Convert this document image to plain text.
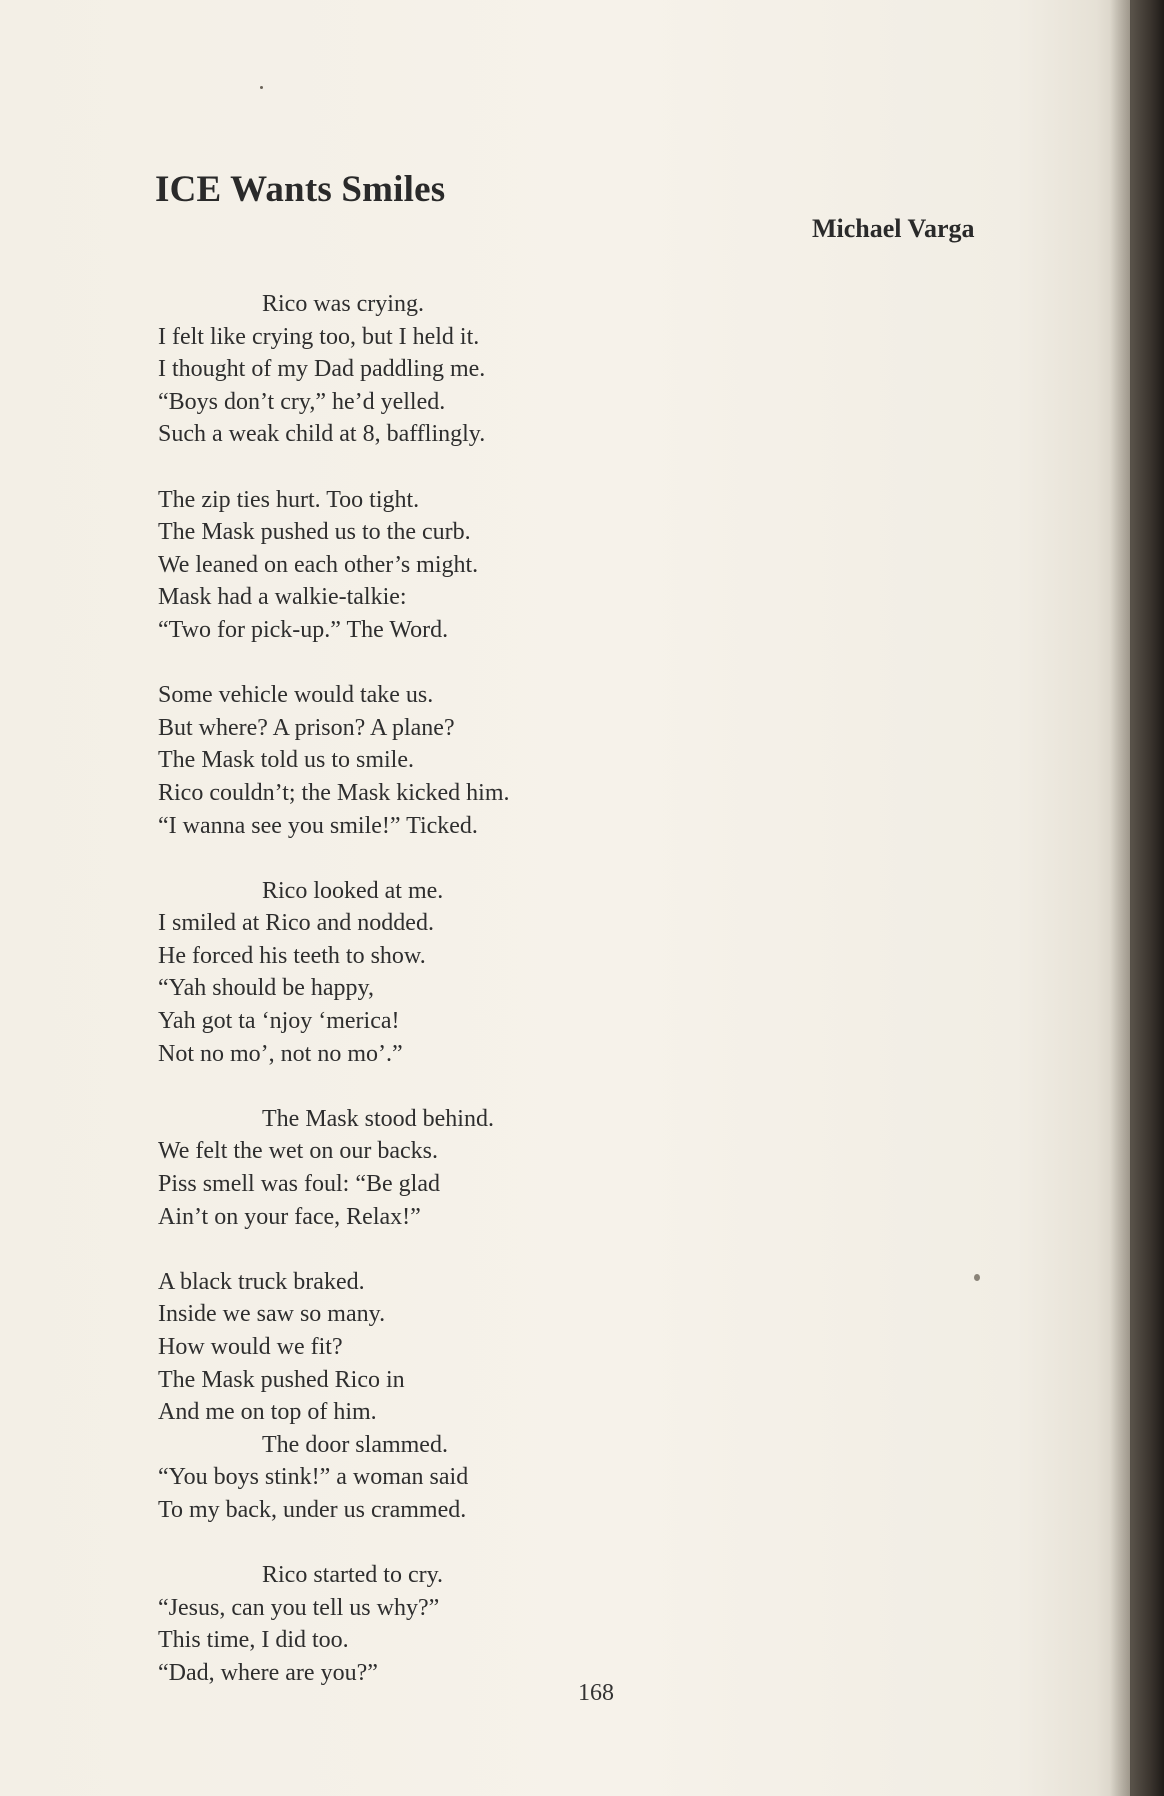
ICE Wants Smiles
Michael Varga
Rico was crying.
I felt like crying too, but I held it.
I thought of my Dad paddling me.
“Boys don’t cry,” he’d yelled.
Such a weak child at 8, bafflingly.
The zip ties hurt. Too tight.
The Mask pushed us to the curb.
We leaned on each other’s might.
Mask had a walkie-talkie:
“Two for pick-up.” The Word.
Some vehicle would take us.
But where? A prison? A plane?
The Mask told us to smile.
Rico couldn’t; the Mask kicked him.
“I wanna see you smile!” Ticked.
Rico looked at me.
I smiled at Rico and nodded.
He forced his teeth to show.
“Yah should be happy,
Yah got ta ‘njoy ‘merica!
Not no mo’, not no mo’.”
The Mask stood behind.
We felt the wet on our backs.
Piss smell was foul: “Be glad
Ain’t on your face, Relax!”
A black truck braked.
Inside we saw so many.
How would we fit?
The Mask pushed Rico in
And me on top of him.
The door slammed.
“You boys stink!” a woman said
To my back, under us crammed.
Rico started to cry.
“Jesus, can you tell us why?”
This time, I did too.
“Dad, where are you?”
168
